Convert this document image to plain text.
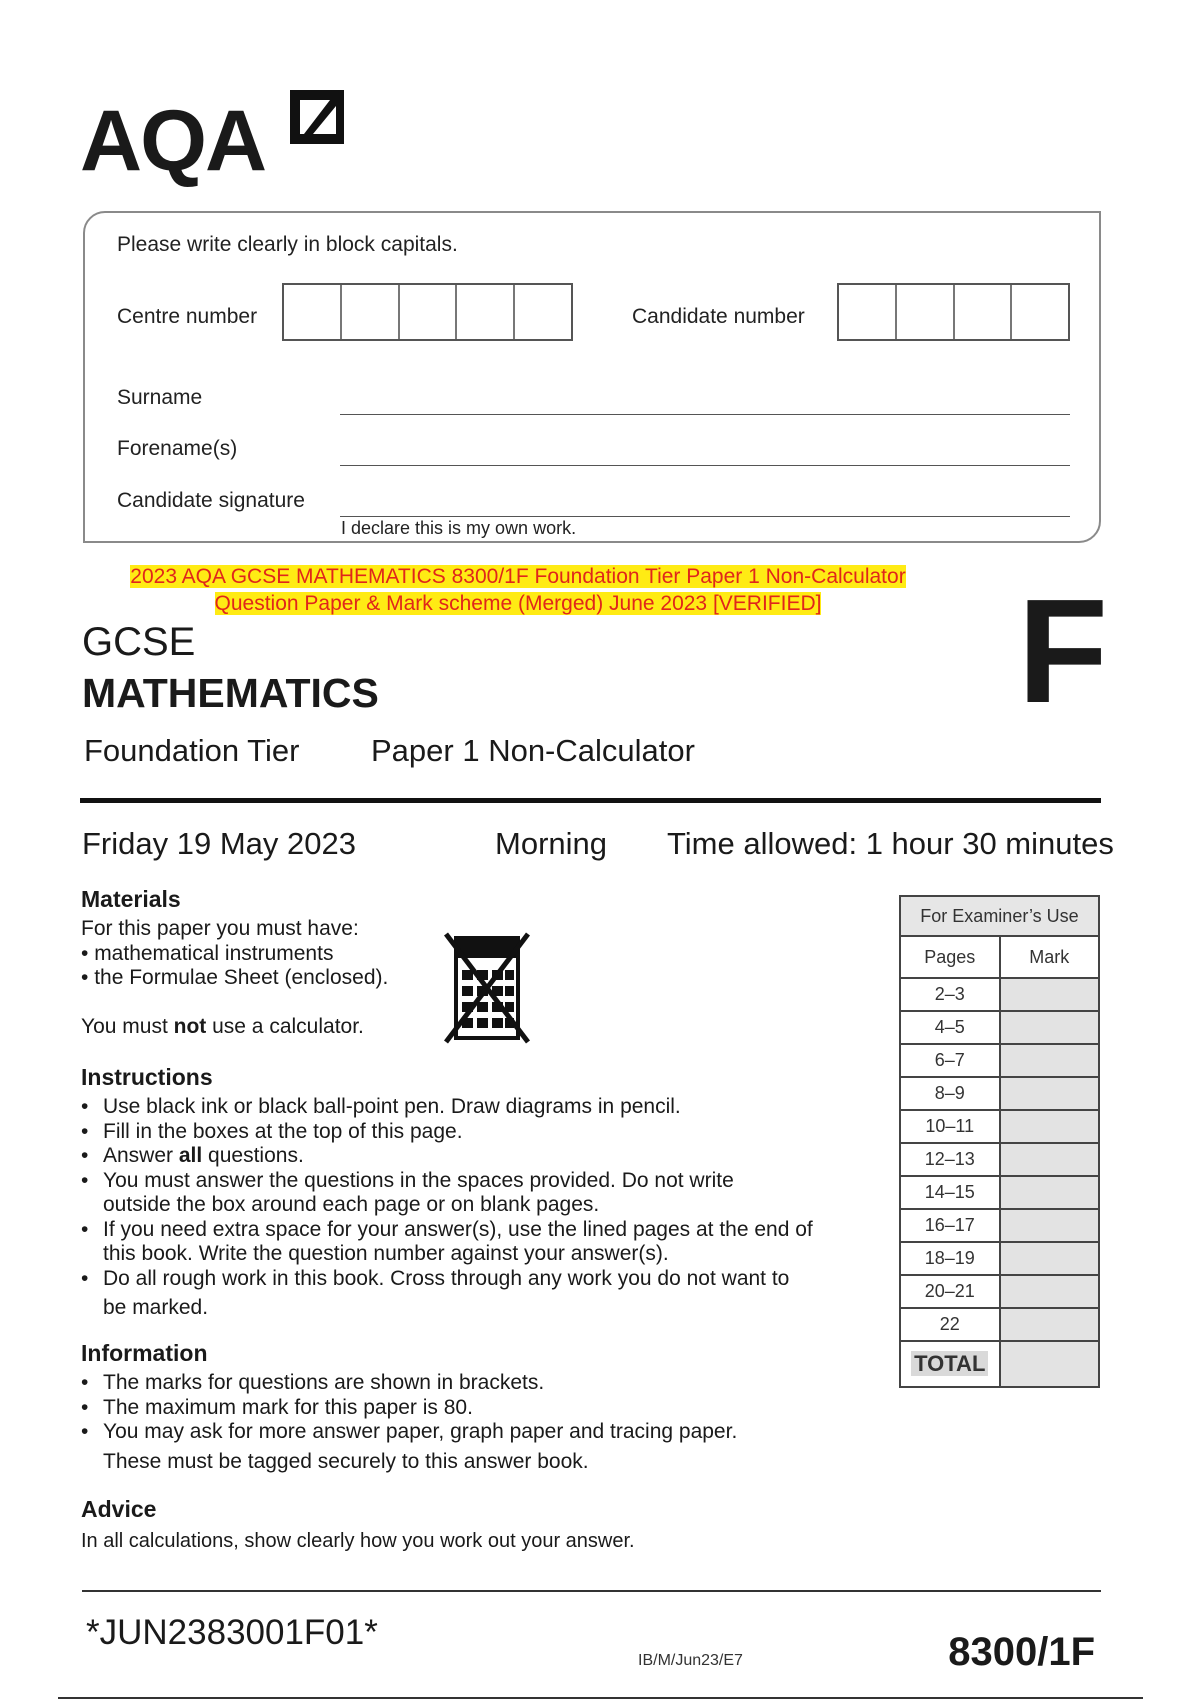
AQA
Please write clearly in block capitals.
Centre number	Candidate number
Surname
Forename(s)
Candidate signature
I declare this is my own work.
2023 AQA GCSE MATHEMATICS 8300/1F Foundation Tier Paper 1 Non-Calculator
Question Paper & Mark scheme (Merged) June 2023 [VERIFIED]	F
GCSE
MATHEMATICS
Foundation Tier Paper 1 Non-Calculator
Friday 19 May 2023	Morning Time allowed: 1 hour 30 minutes
Materials
For this paper you must have:
• mathematical instruments
• the Formulae Sheet (enclosed).
You must not use a calculator.
Instructions
• Use black ink or black ball-point pen. Draw diagrams in pencil.
• Fill in the boxes at the top of this page.
• Answer all questions.
• You must answer the questions in the spaces provided. Do not write
outside the box around each page or on blank pages.
• If you need extra space for your answer(s), use the lined pages at the end of
this book. Write the question number against your answer(s).
• Do all rough work in this book. Cross through any work you do not want to
be marked.
Information
• The marks for questions are shown in brackets.
• The maximum mark for this paper is 80.
• You may ask for more answer paper, graph paper and tracing paper.
These must be tagged securely to this answer book.
Advice
In all calculations, show clearly how you work out your answer.
For Examiner’s Use	
Pages	Mark
2–3	
4–5	
6–7	
8–9	
10–11	
12–13	
14–15	
16–17	
18–19	
20–21	
22	
TOTAL	
*JUN2383001F01*
IB/M/Jun23/E7	8300/1F
